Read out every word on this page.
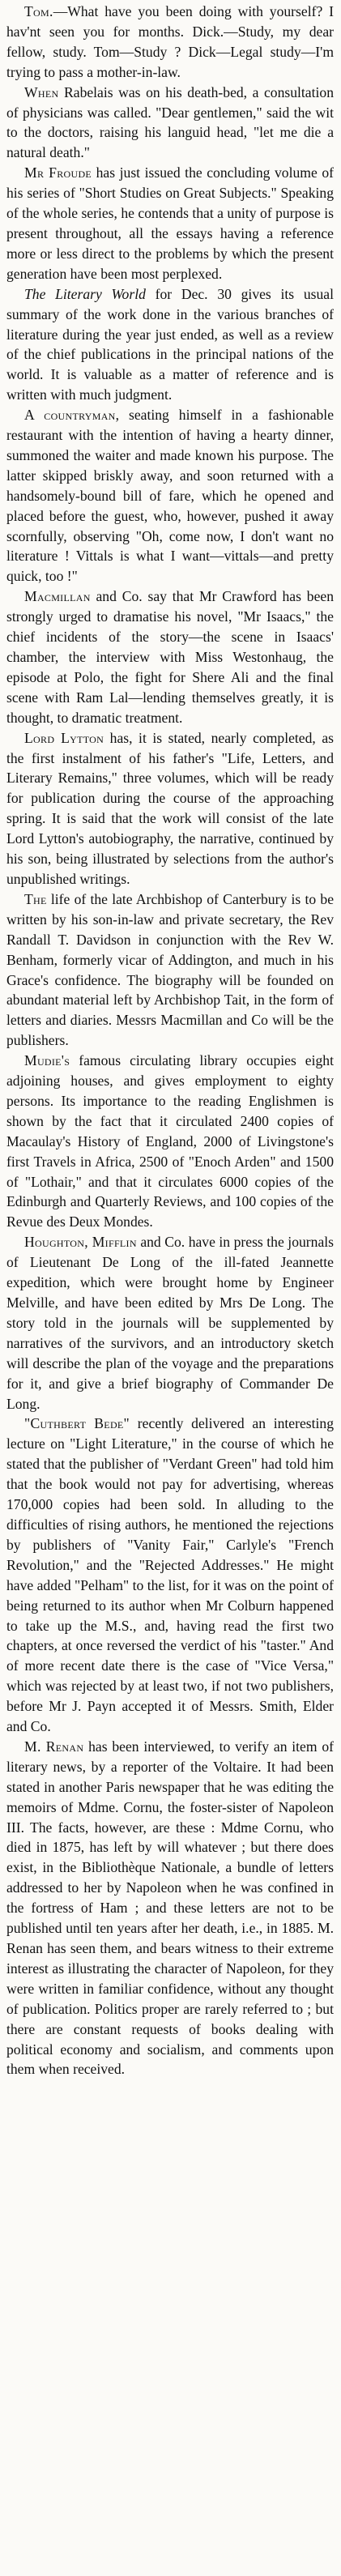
Tom.—What have you been doing with yourself? I hav'nt seen you for months. Dick.—Study, my dear fellow, study. Tom—Study ? Dick—Legal study—I'm trying to pass a mother-in-law.

When Rabelais was on his death-bed, a consultation of physicians was called. "Dear gentlemen," said the wit to the doctors, raising his languid head, "let me die a natural death."

Mr Froude has just issued the concluding volume of his series of "Short Studies on Great Subjects." Speaking of the whole series, he contends that a unity of purpose is present throughout, all the essays having a reference more or less direct to the problems by which the present generation have been most perplexed.

The Literary World for Dec. 30 gives its usual summary of the work done in the various branches of literature during the year just ended, as well as a review of the chief publications in the principal nations of the world. It is valuable as a matter of reference and is written with much judgment.

A countryman, seating himself in a fashionable restaurant with the intention of having a hearty dinner, summoned the waiter and made known his purpose. The latter skipped briskly away, and soon returned with a handsomely-bound bill of fare, which he opened and placed before the guest, who, however, pushed it away scornfully, observing "Oh, come now, I don't want no literature ! Vittals is what I want—vittals—and pretty quick, too !"

Macmillan and Co. say that Mr Crawford has been strongly urged to dramatise his novel, "Mr Isaacs," the chief incidents of the story—the scene in Isaacs' chamber, the interview with Miss Westonhaug, the episode at Polo, the fight for Shere Ali and the final scene with Ram Lal—lending themselves greatly, it is thought, to dramatic treatment.

Lord Lytton has, it is stated, nearly completed, as the first instalment of his father's "Life, Letters, and Literary Remains," three volumes, which will be ready for publication during the course of the approaching spring. It is said that the work will consist of the late Lord Lytton's autobiography, the narrative, continued by his son, being illustrated by selections from the author's unpublished writings.

The life of the late Archbishop of Canterbury is to be written by his son-in-law and private secretary, the Rev Randall T. Davidson in conjunction with the Rev W. Benham, formerly vicar of Addington, and much in his Grace's confidence. The biography will be founded on abundant material left by Archbishop Tait, in the form of letters and diaries. Messrs Macmillan and Co will be the publishers.

Mudie's famous circulating library occupies eight adjoining houses, and gives employment to eighty persons. Its importance to the reading Englishmen is shown by the fact that it circulated 2400 copies of Macaulay's History of England, 2000 of Livingstone's first Travels in Africa, 2500 of "Enoch Arden" and 1500 of "Lothair," and that it circulates 6000 copies of the Edinburgh and Quarterly Reviews, and 100 copies of the Revue des Deux Mondes.

Houghton, Mifflin and Co. have in press the journals of Lieutenant De Long of the ill-fated Jeannette expedition, which were brought home by Engineer Melville, and have been edited by Mrs De Long. The story told in the journals will be supplemented by narratives of the survivors, and an introductory sketch will describe the plan of the voyage and the preparations for it, and give a brief biography of Commander De Long.

"Cuthbert Bede" recently delivered an interesting lecture on "Light Literature," in the course of which he stated that the publisher of "Verdant Green" had told him that the book would not pay for advertising, whereas 170,000 copies had been sold. In alluding to the difficulties of rising authors, he mentioned the rejections by publishers of "Vanity Fair," Carlyle's "French Revolution," and the "Rejected Addresses." He might have added "Pelham" to the list, for it was on the point of being returned to its author when Mr Colburn happened to take up the M.S., and, having read the first two chapters, at once reversed the verdict of his "taster." And of more recent date there is the case of "Vice Versa," which was rejected by at least two, if not two publishers, before Mr J. Payn accepted it of Messrs. Smith, Elder and Co.

M. Renan has been interviewed, to verify an item of literary news, by a reporter of the Voltaire. It had been stated in another Paris newspaper that he was editing the memoirs of Mdme. Cornu, the foster-sister of Napoleon III. The facts, however, are these : Mdme Cornu, who died in 1875, has left by will whatever ; but there does exist, in the Bibliothèque Nationale, a bundle of letters addressed to her by Napoleon when he was confined in the fortress of Ham ; and these letters are not to be published until ten years after her death, i.e., in 1885. M. Renan has seen them, and bears witness to their extreme interest as illustrating the character of Napoleon, for they were written in familiar confidence, without any thought of publication. Politics proper are rarely referred to ; but there are constant requests of books dealing with political economy and socialism, and comments upon them when received.
